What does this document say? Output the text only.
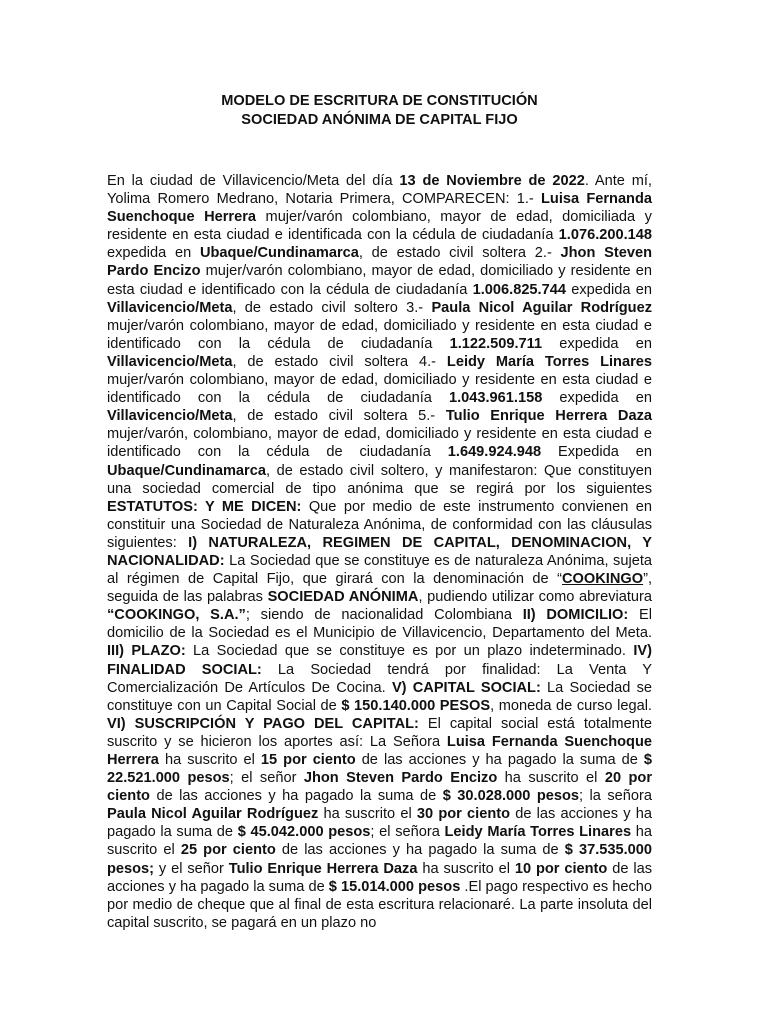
MODELO DE ESCRITURA DE CONSTITUCIÓN

SOCIEDAD ANÓNIMA DE CAPITAL FIJO

En la ciudad de Villavicencio/Meta del día 13 de Noviembre de 2022. Ante mí, Yolima Romero Medrano, Notaria Primera, COMPARECEN: 1.- Luisa Fernanda Suenchoque Herrera mujer/varón colombiano, mayor de edad, domiciliada y residente en esta ciudad e identificada con la cédula de ciudadanía 1.076.200.148 expedida en Ubaque/Cundinamarca, de estado civil soltera 2.- Jhon Steven Pardo Encizo mujer/varón colombiano, mayor de edad, domiciliado y residente en esta ciudad e identificado con la cédula de ciudadanía 1.006.825.744 expedida en Villavicencio/Meta, de estado civil soltero 3.- Paula Nicol Aguilar Rodríguez mujer/varón colombiano, mayor de edad, domiciliado y residente en esta ciudad e identificado con la cédula de ciudadanía 1.122.509.711 expedida en Villavicencio/Meta, de estado civil soltera 4.- Leidy María Torres Linares mujer/varón colombiano, mayor de edad, domiciliado y residente en esta ciudad e identificado con la cédula de ciudadanía 1.043.961.158 expedida en Villavicencio/Meta, de estado civil soltera 5.- Tulio Enrique Herrera Daza mujer/varón, colombiano, mayor de edad, domiciliado y residente en esta ciudad e identificado con la cédula de ciudadanía 1.649.924.948 Expedida en Ubaque/Cundinamarca, de estado civil soltero, y manifestaron: Que constituyen una sociedad comercial de tipo anónima que se regirá por los siguientes ESTATUTOS: Y ME DICEN: Que por medio de este instrumento convienen en constituir una Sociedad de Naturaleza Anónima, de conformidad con las cláusulas siguientes: I) NATURALEZA, REGIMEN DE CAPITAL, DENOMINACION, Y NACIONALIDAD: La Sociedad que se constituye es de naturaleza Anónima, sujeta al régimen de Capital Fijo, que girará con la denominación de “COOKINGO”, seguida de las palabras SOCIEDAD ANÓNIMA, pudiendo utilizar como abreviatura “COOKINGO, S.A.”; siendo de nacionalidad Colombiana II) DOMICILIO: El domicilio de la Sociedad es el Municipio de Villavicencio, Departamento del Meta. III) PLAZO: La Sociedad que se constituye es por un plazo indeterminado. IV) FINALIDAD SOCIAL: La Sociedad tendrá por finalidad: La Venta Y Comercialización De Artículos De Cocina. V) CAPITAL SOCIAL: La Sociedad se constituye con un Capital Social de $ 150.140.000 PESOS, moneda de curso legal. VI) SUSCRIPCIÓN Y PAGO DEL CAPITAL: El capital social está totalmente suscrito y se hicieron los aportes así: La Señora Luisa Fernanda Suenchoque Herrera ha suscrito el 15 por ciento de las acciones y ha pagado la suma de $ 22.521.000 pesos; el señor Jhon Steven Pardo Encizo ha suscrito el 20 por ciento de las acciones y ha pagado la suma de $ 30.028.000 pesos; la señora Paula Nicol Aguilar Rodríguez ha suscrito el 30 por ciento de las acciones y ha pagado la suma de $ 45.042.000 pesos; el señora Leidy María Torres Linares ha suscrito el 25 por ciento de las acciones y ha pagado la suma de $ 37.535.000 pesos; y el señor Tulio Enrique Herrera Daza ha suscrito el 10 por ciento de las acciones y ha pagado la suma de $ 15.014.000 pesos .El pago respectivo es hecho por medio de cheque que al final de esta escritura relacionaré. La parte insoluta del capital suscrito, se pagará en un plazo no
